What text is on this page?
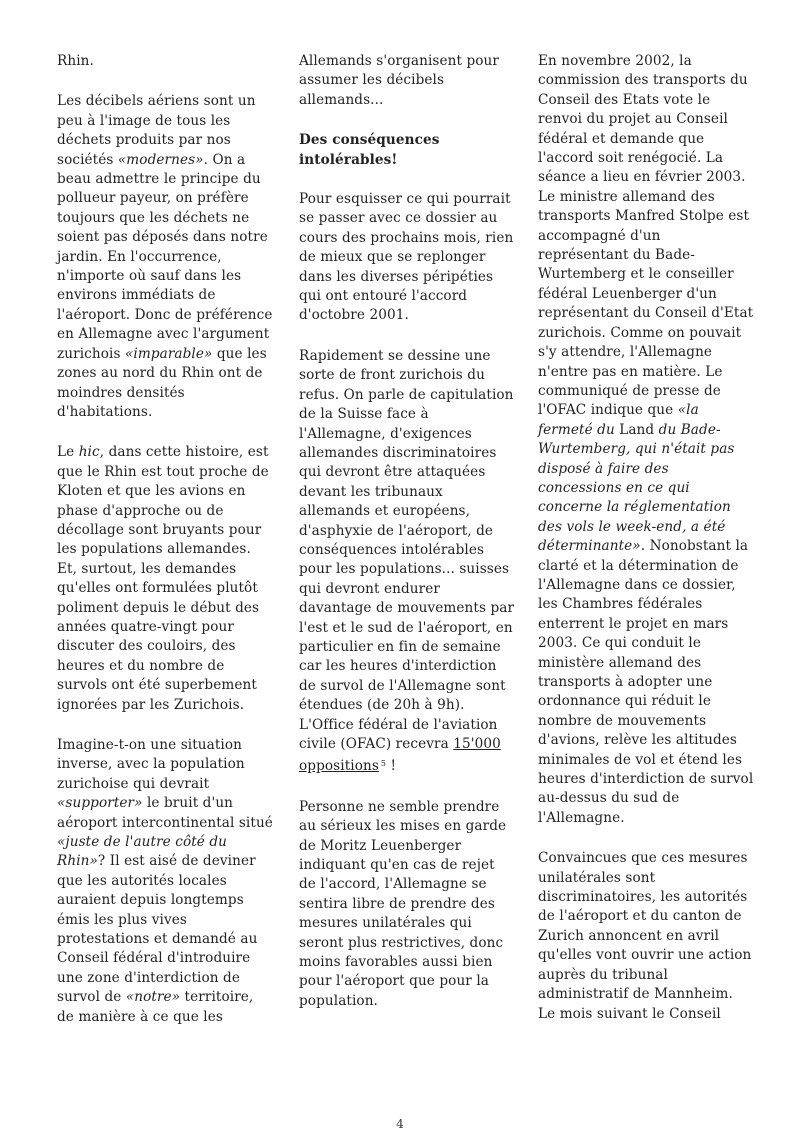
Rhin.

Les décibels aériens sont un peu à l'image de tous les déchets produits par nos sociétés «modernes». On a beau admettre le principe du pollueur payeur, on préfère toujours que les déchets ne soient pas déposés dans notre jardin. En l'occurrence, n'importe où sauf dans les environs immédiats de l'aéroport. Donc de préférence en Allemagne avec l'argument zurichois «imparable» que les zones au nord du Rhin ont de moindres densités d'habitations.

Le hic, dans cette histoire, est que le Rhin est tout proche de Kloten et que les avions en phase d'approche ou de décollage sont bruyants pour les populations allemandes. Et, surtout, les demandes qu'elles ont formulées plutôt poliment depuis le début des années quatre-vingt pour discuter des couloirs, des heures et du nombre de survols ont été superbement ignorées par les Zurichois.

Imagine-t-on une situation inverse, avec la population zurichoise qui devrait «supporter» le bruit d'un aéroport intercontinental situé «juste de l'autre côté du Rhin»? Il est aisé de deviner que les autorités locales auraient depuis longtemps émis les plus vives protestations et demandé au Conseil fédéral d'introduire une zone d'interdiction de survol de «notre» territoire, de manière à ce que les

Allemands s'organisent pour assumer les décibels allemands...

Des conséquences intolérables!

Pour esquisser ce qui pourrait se passer avec ce dossier au cours des prochains mois, rien de mieux que se replonger dans les diverses péripéties qui ont entouré l'accord d'octobre 2001.

Rapidement se dessine une sorte de front zurichois du refus. On parle de capitulation de la Suisse face à l'Allemagne, d'exigences allemandes discriminatoires qui devront être attaquées devant les tribunaux allemands et européens, d'asphyxie de l'aéroport, de conséquences intolérables pour les populations... suisses qui devront endurer davantage de mouvements par l'est et le sud de l'aéroport, en particulier en fin de semaine car les heures d'interdiction de survol de l'Allemagne sont étendues (de 20h à 9h). L'Office fédéral de l'aviation civile (OFAC) recevra 15'000 oppositions $^5$ !

Personne ne semble prendre au sérieux les mises en garde de Moritz Leuenberger indiquant qu'en cas de rejet de l'accord, l'Allemagne se sentira libre de prendre des mesures unilatérales qui seront plus restrictives, donc moins favorables aussi bien pour l'aéroport que pour la population.

En novembre 2002, la commission des transports du Conseil des Etats vote le renvoi du projet au Conseil fédéral et demande que l'accord soit renégocié. La séance a lieu en février 2003. Le ministre allemand des transports Manfred Stolpe est accompagné d'un représentant du Bade-Wurtemberg et le conseiller fédéral Leuenberger d'un représentant du Conseil d'Etat zurichois. Comme on pouvait s'y attendre, l'Allemagne n'entre pas en matière. Le communiqué de presse de l'OFAC indique que «la fermeté du Land du Bade-Wurtemberg, qui n'était pas disposé à faire des concessions en ce qui concerne la réglementation des vols le week-end, a été déterminante». Nonobstant la clarté et la détermination de l'Allemagne dans ce dossier, les Chambres fédérales enterrent le projet en mars 2003. Ce qui conduit le ministère allemand des transports à adopter une ordonnance qui réduit le nombre de mouvements d'avions, relève les altitudes minimales de vol et étend les heures d'interdiction de survol au-dessus du sud de l'Allemagne.

Convaincues que ces mesures unilatérales sont discriminatoires, les autorités de l'aéroport et du canton de Zurich annoncent en avril qu'elles vont ouvrir une action auprès du tribunal administratif de Mannheim. Le mois suivant le Conseil

4
